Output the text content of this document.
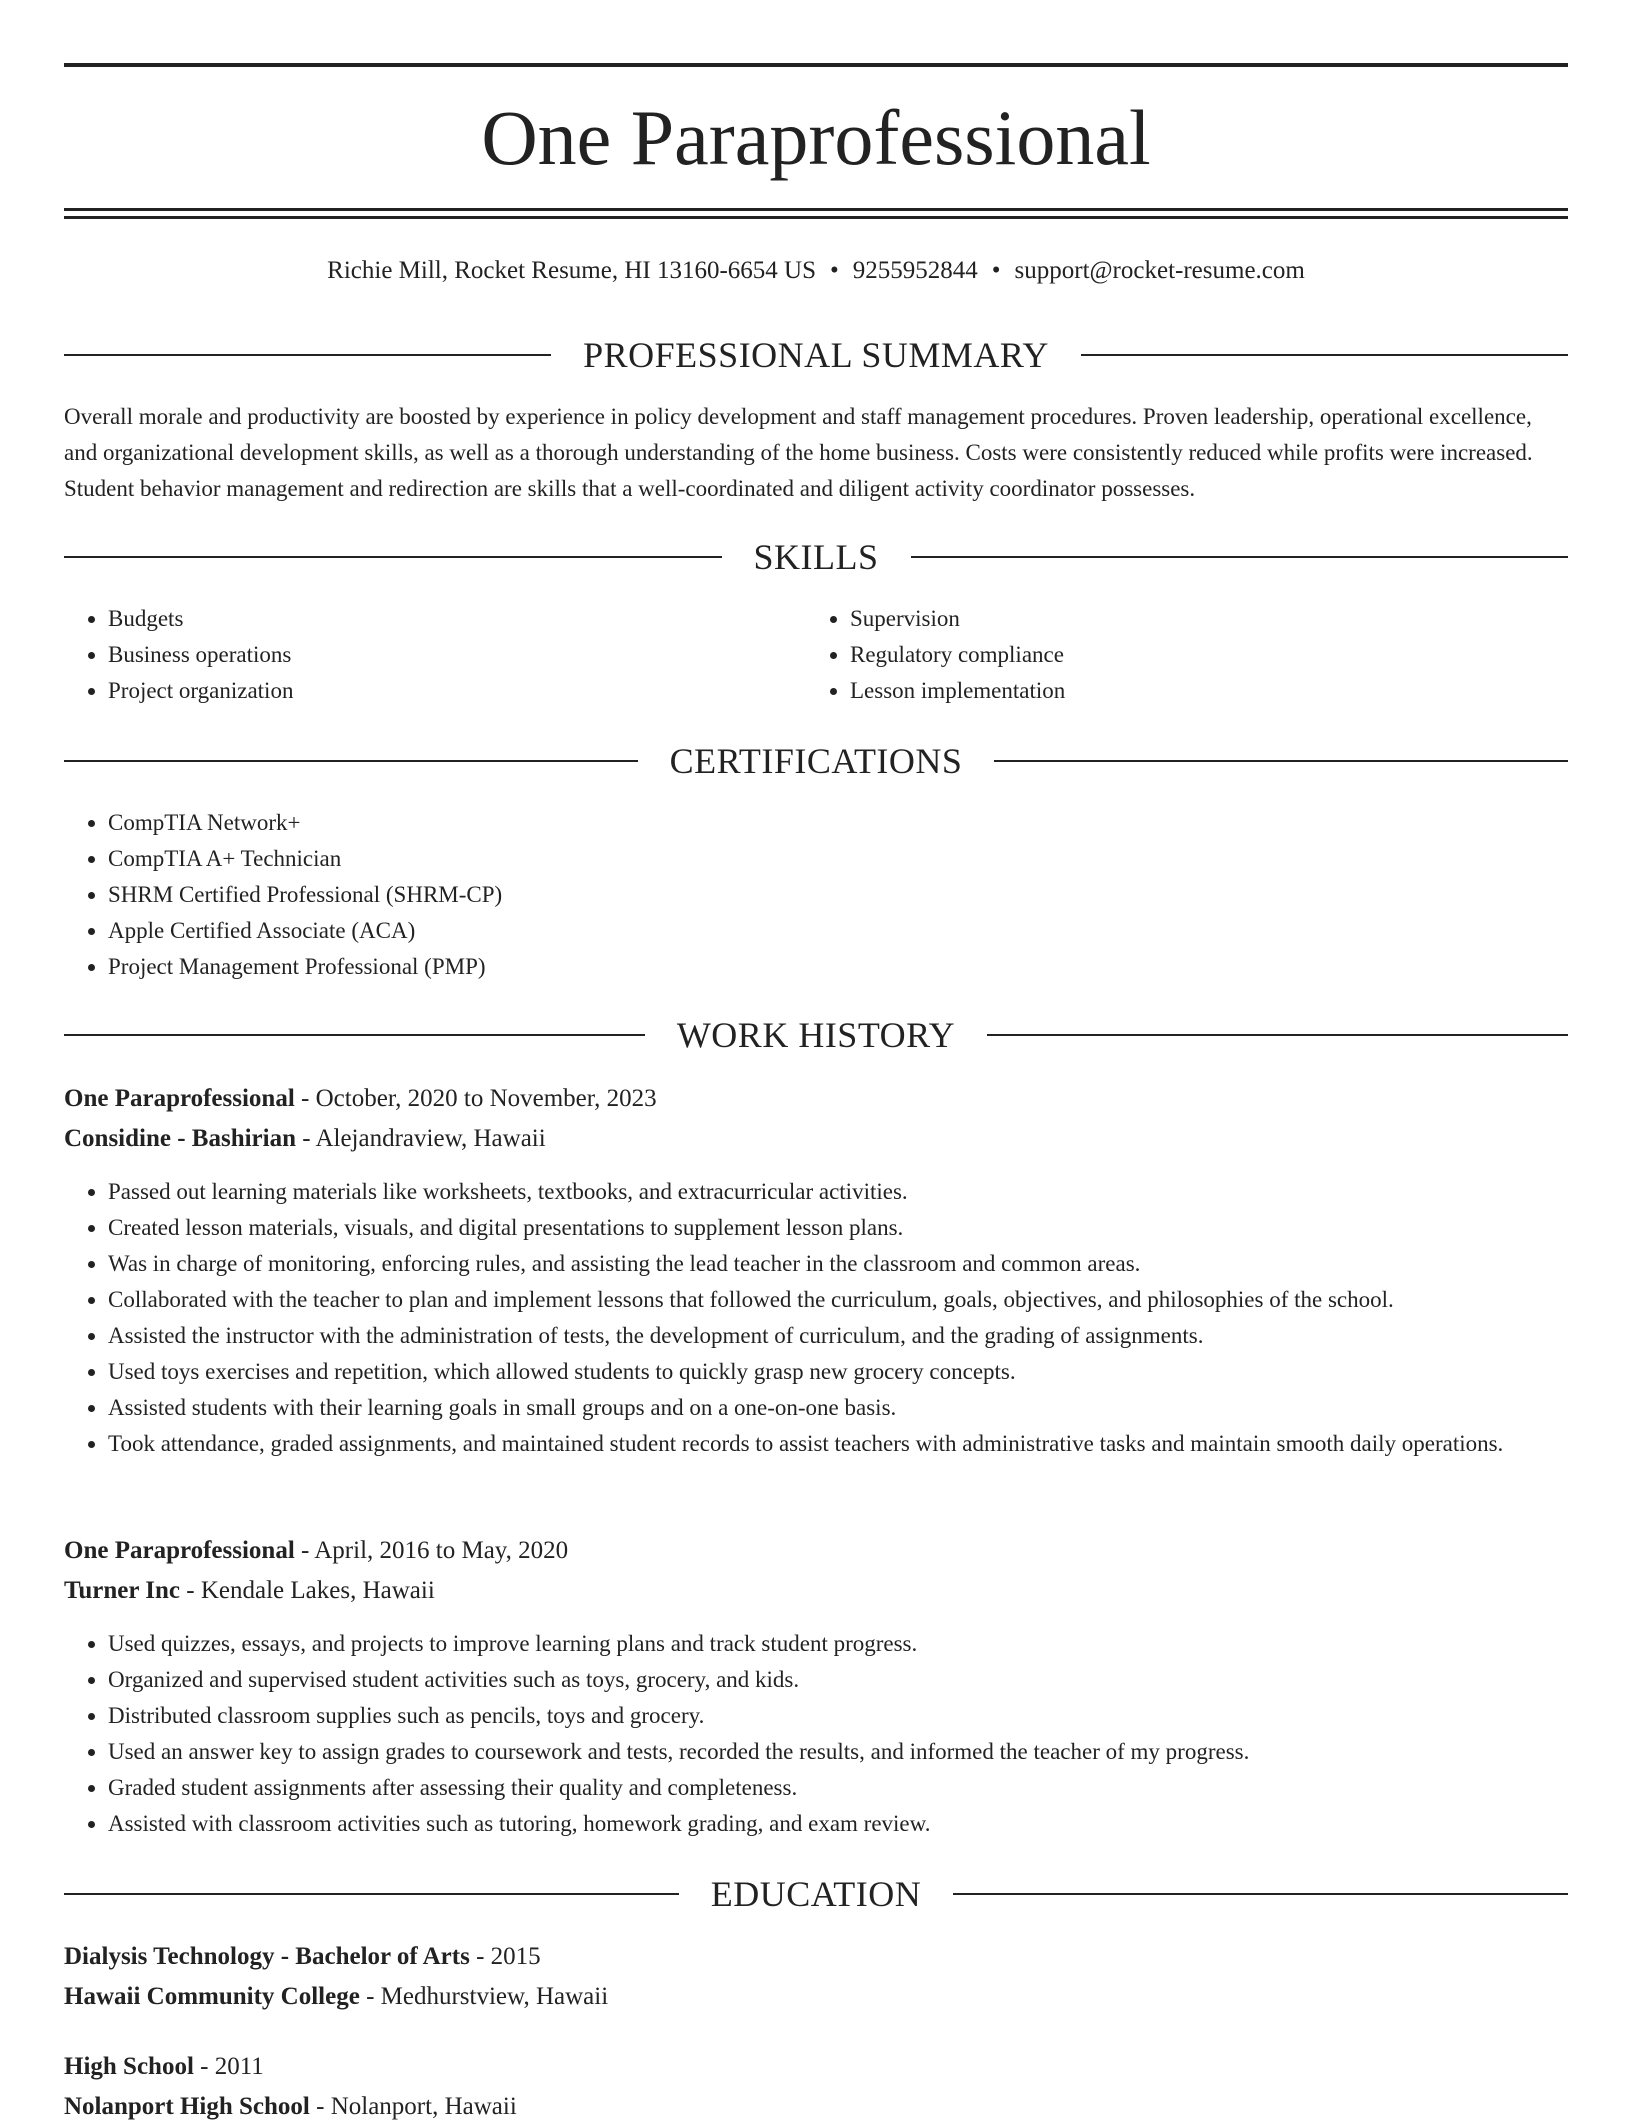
One Paraprofessional
Richie Mill, Rocket Resume, HI 13160-6654 US • 9255952844 • support@rocket-resume.com
PROFESSIONAL SUMMARY
Overall morale and productivity are boosted by experience in policy development and staff management procedures. Proven leadership, operational excellence, and organizational development skills, as well as a thorough understanding of the home business. Costs were consistently reduced while profits were increased. Student behavior management and redirection are skills that a well-coordinated and diligent activity coordinator possesses.
SKILLS
• Budgets
• Business operations
• Project organization
• Supervision
• Regulatory compliance
• Lesson implementation
CERTIFICATIONS
• CompTIA Network+
• CompTIA A+ Technician
• SHRM Certified Professional (SHRM-CP)
• Apple Certified Associate (ACA)
• Project Management Professional (PMP)
WORK HISTORY
One Paraprofessional - October, 2020 to November, 2023
Considine - Bashirian - Alejandraview, Hawaii
• Passed out learning materials like worksheets, textbooks, and extracurricular activities.
• Created lesson materials, visuals, and digital presentations to supplement lesson plans.
• Was in charge of monitoring, enforcing rules, and assisting the lead teacher in the classroom and common areas.
• Collaborated with the teacher to plan and implement lessons that followed the curriculum, goals, objectives, and philosophies of the school.
• Assisted the instructor with the administration of tests, the development of curriculum, and the grading of assignments.
• Used toys exercises and repetition, which allowed students to quickly grasp new grocery concepts.
• Assisted students with their learning goals in small groups and on a one-on-one basis.
• Took attendance, graded assignments, and maintained student records to assist teachers with administrative tasks and maintain smooth daily operations.
One Paraprofessional - April, 2016 to May, 2020
Turner Inc - Kendale Lakes, Hawaii
• Used quizzes, essays, and projects to improve learning plans and track student progress.
• Organized and supervised student activities such as toys, grocery, and kids.
• Distributed classroom supplies such as pencils, toys and grocery.
• Used an answer key to assign grades to coursework and tests, recorded the results, and informed the teacher of my progress.
• Graded student assignments after assessing their quality and completeness.
• Assisted with classroom activities such as tutoring, homework grading, and exam review.
EDUCATION
Dialysis Technology - Bachelor of Arts - 2015
Hawaii Community College - Medhurstview, Hawaii
High School - 2011
Nolanport High School - Nolanport, Hawaii
